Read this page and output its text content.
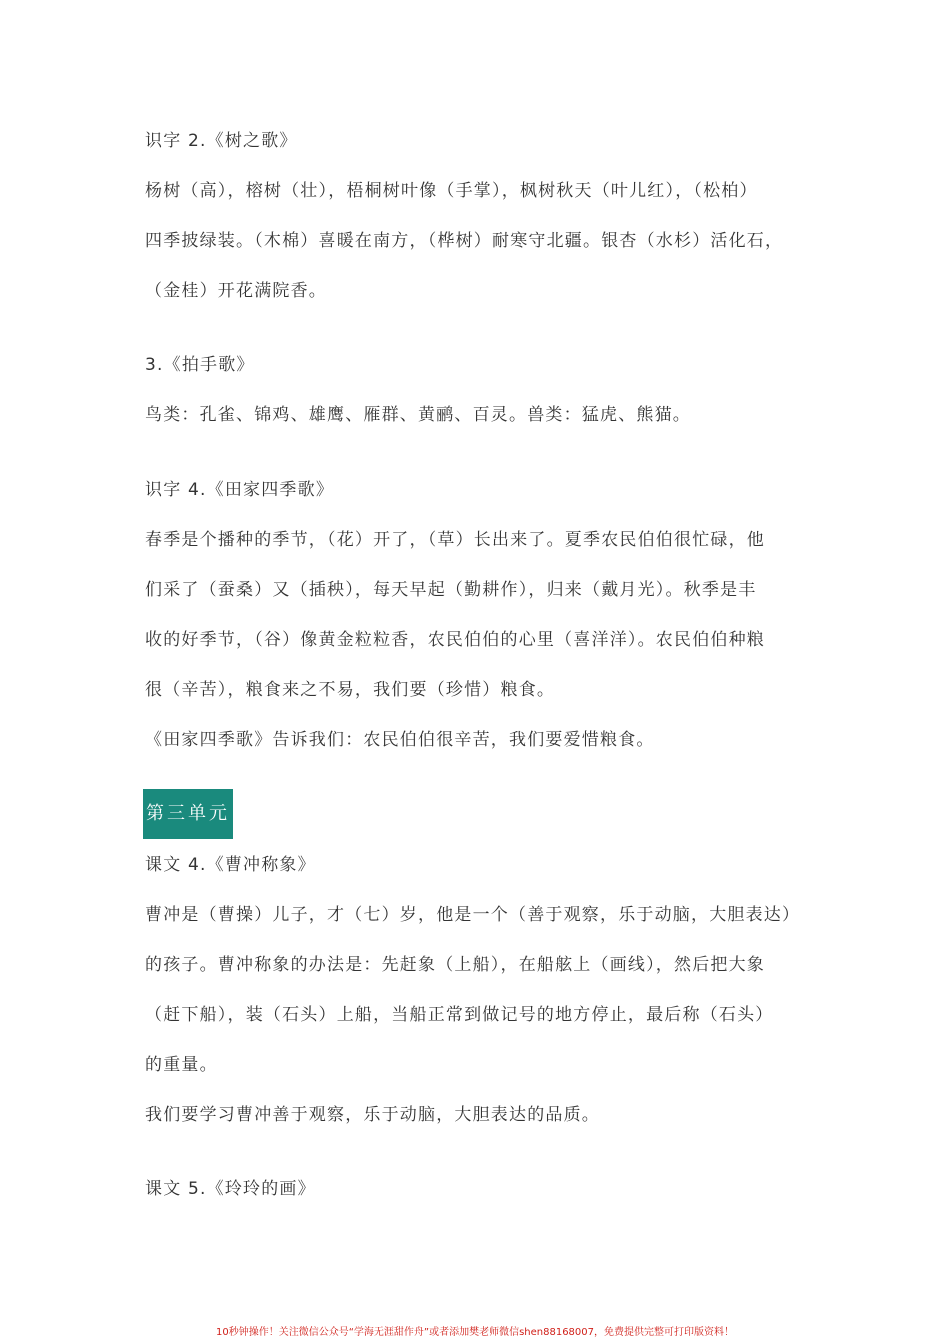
识字 2.《树之歌》
杨树（高），榕树（壮），梧桐树叶像（手掌），枫树秋天（叶儿红），（松柏）
四季披绿装。（木棉）喜暖在南方，（桦树）耐寒守北疆。银杏（水杉）活化石，
（金桂）开花满院香。
3.《拍手歌》
鸟类：孔雀、锦鸡、雄鹰、雁群、黄鹂、百灵。兽类：猛虎、熊猫。
识字 4.《田家四季歌》
春季是个播种的季节，（花）开了，（草）长出来了。夏季农民伯伯很忙碌，他
们采了（蚕桑）又（插秧），每天早起（勤耕作），归来（戴月光）。秋季是丰
收的好季节，（谷）像黄金粒粒香，农民伯伯的心里（喜洋洋）。农民伯伯种粮
很（辛苦），粮食来之不易，我们要（珍惜）粮食。
《田家四季歌》告诉我们：农民伯伯很辛苦，我们要爱惜粮食。
第三单元
课文 4.《曹冲称象》
曹冲是（曹操）儿子，才（七）岁，他是一个（善于观察，乐于动脑，大胆表达）
的孩子。曹冲称象的办法是：先赶象（上船），在船舷上（画线），然后把大象
（赶下船），装（石头）上船，当船正常到做记号的地方停止，最后称（石头）
的重量。
我们要学习曹冲善于观察，乐于动脑，大胆表达的品质。
课文 5.《玲玲的画》
10秒钟操作！关注微信公众号“学海无涯甜作舟”或者添加樊老师微信shen88168007，免费提供完整可打印版资料！
